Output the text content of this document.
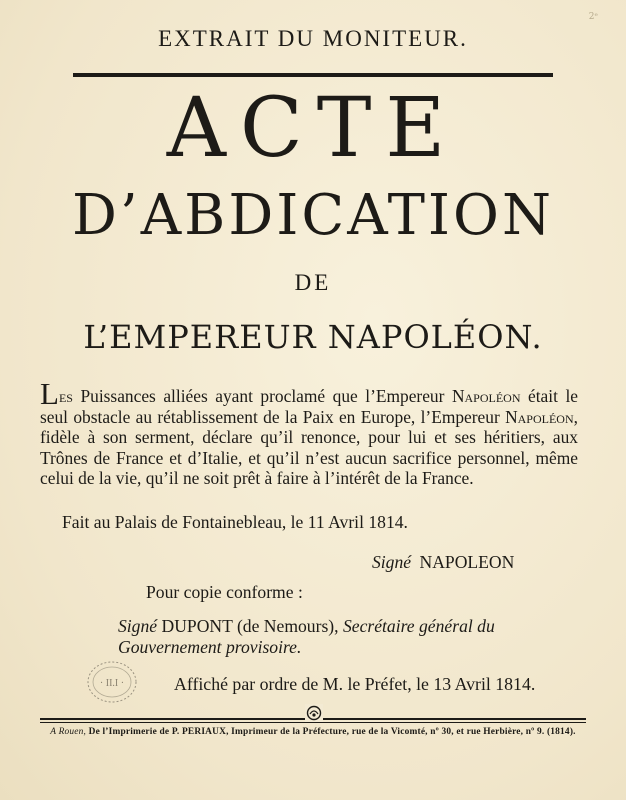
2ᵉ
EXTRAIT DU MONITEUR.
ACTE
D’ABDICATION
DE
L’EMPEREUR NAPOLÉON.
Les Puissances alliées ayant proclamé que l’Empereur Napoléon était le seul obstacle au rétablissement de la Paix en Europe, l’Empereur Napoléon, fidèle à son serment, déclare qu’il renonce, pour lui et ses héritiers, aux Trônes de France et d’Italie, et qu’il n’est aucun sacrifice personnel, même celui de la vie, qu’il ne soit prêt à faire à l’intérêt de la France.
Fait au Palais de Fontainebleau, le 11 Avril 1814.
Signé NAPOLEON
Pour copie conforme :
Signé DUPONT (de Nemours), Secrétaire général du Gouvernement provisoire.
· II.I ·	Affiché par ordre de M. le Préfet, le 13 Avril 1814.
A Rouen, De l’Imprimerie de P. PERIAUX, Imprimeur de la Préfecture, rue de la Vicomté, nº 30, et rue Herbière, nº 9. (1814).
